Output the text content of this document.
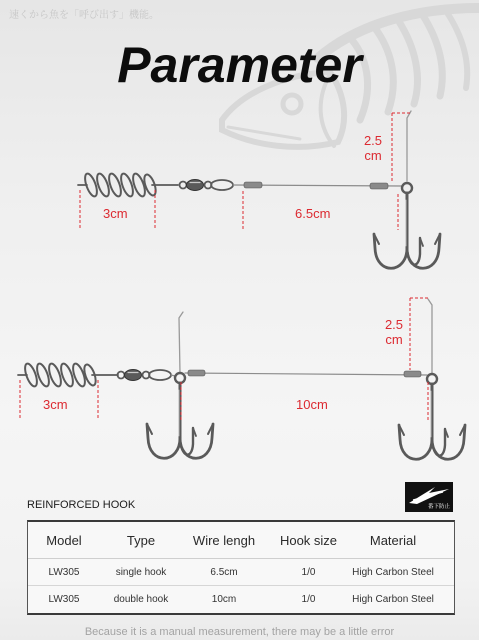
速くから魚を「呼び出す」機能。
Parameter
2.5
cm
3cm	6.5cm
2.5
cm
3cm	10cm
REINFORCED HOOK	番下防止
Model	Type	Wire lengh	Hook size	Material
LW305	single hook	6.5cm	1/0	High Carbon Steel
LW305	double hook	10cm	1/0	High Carbon Steel
Because it is a manual measurement, there may be a little error
